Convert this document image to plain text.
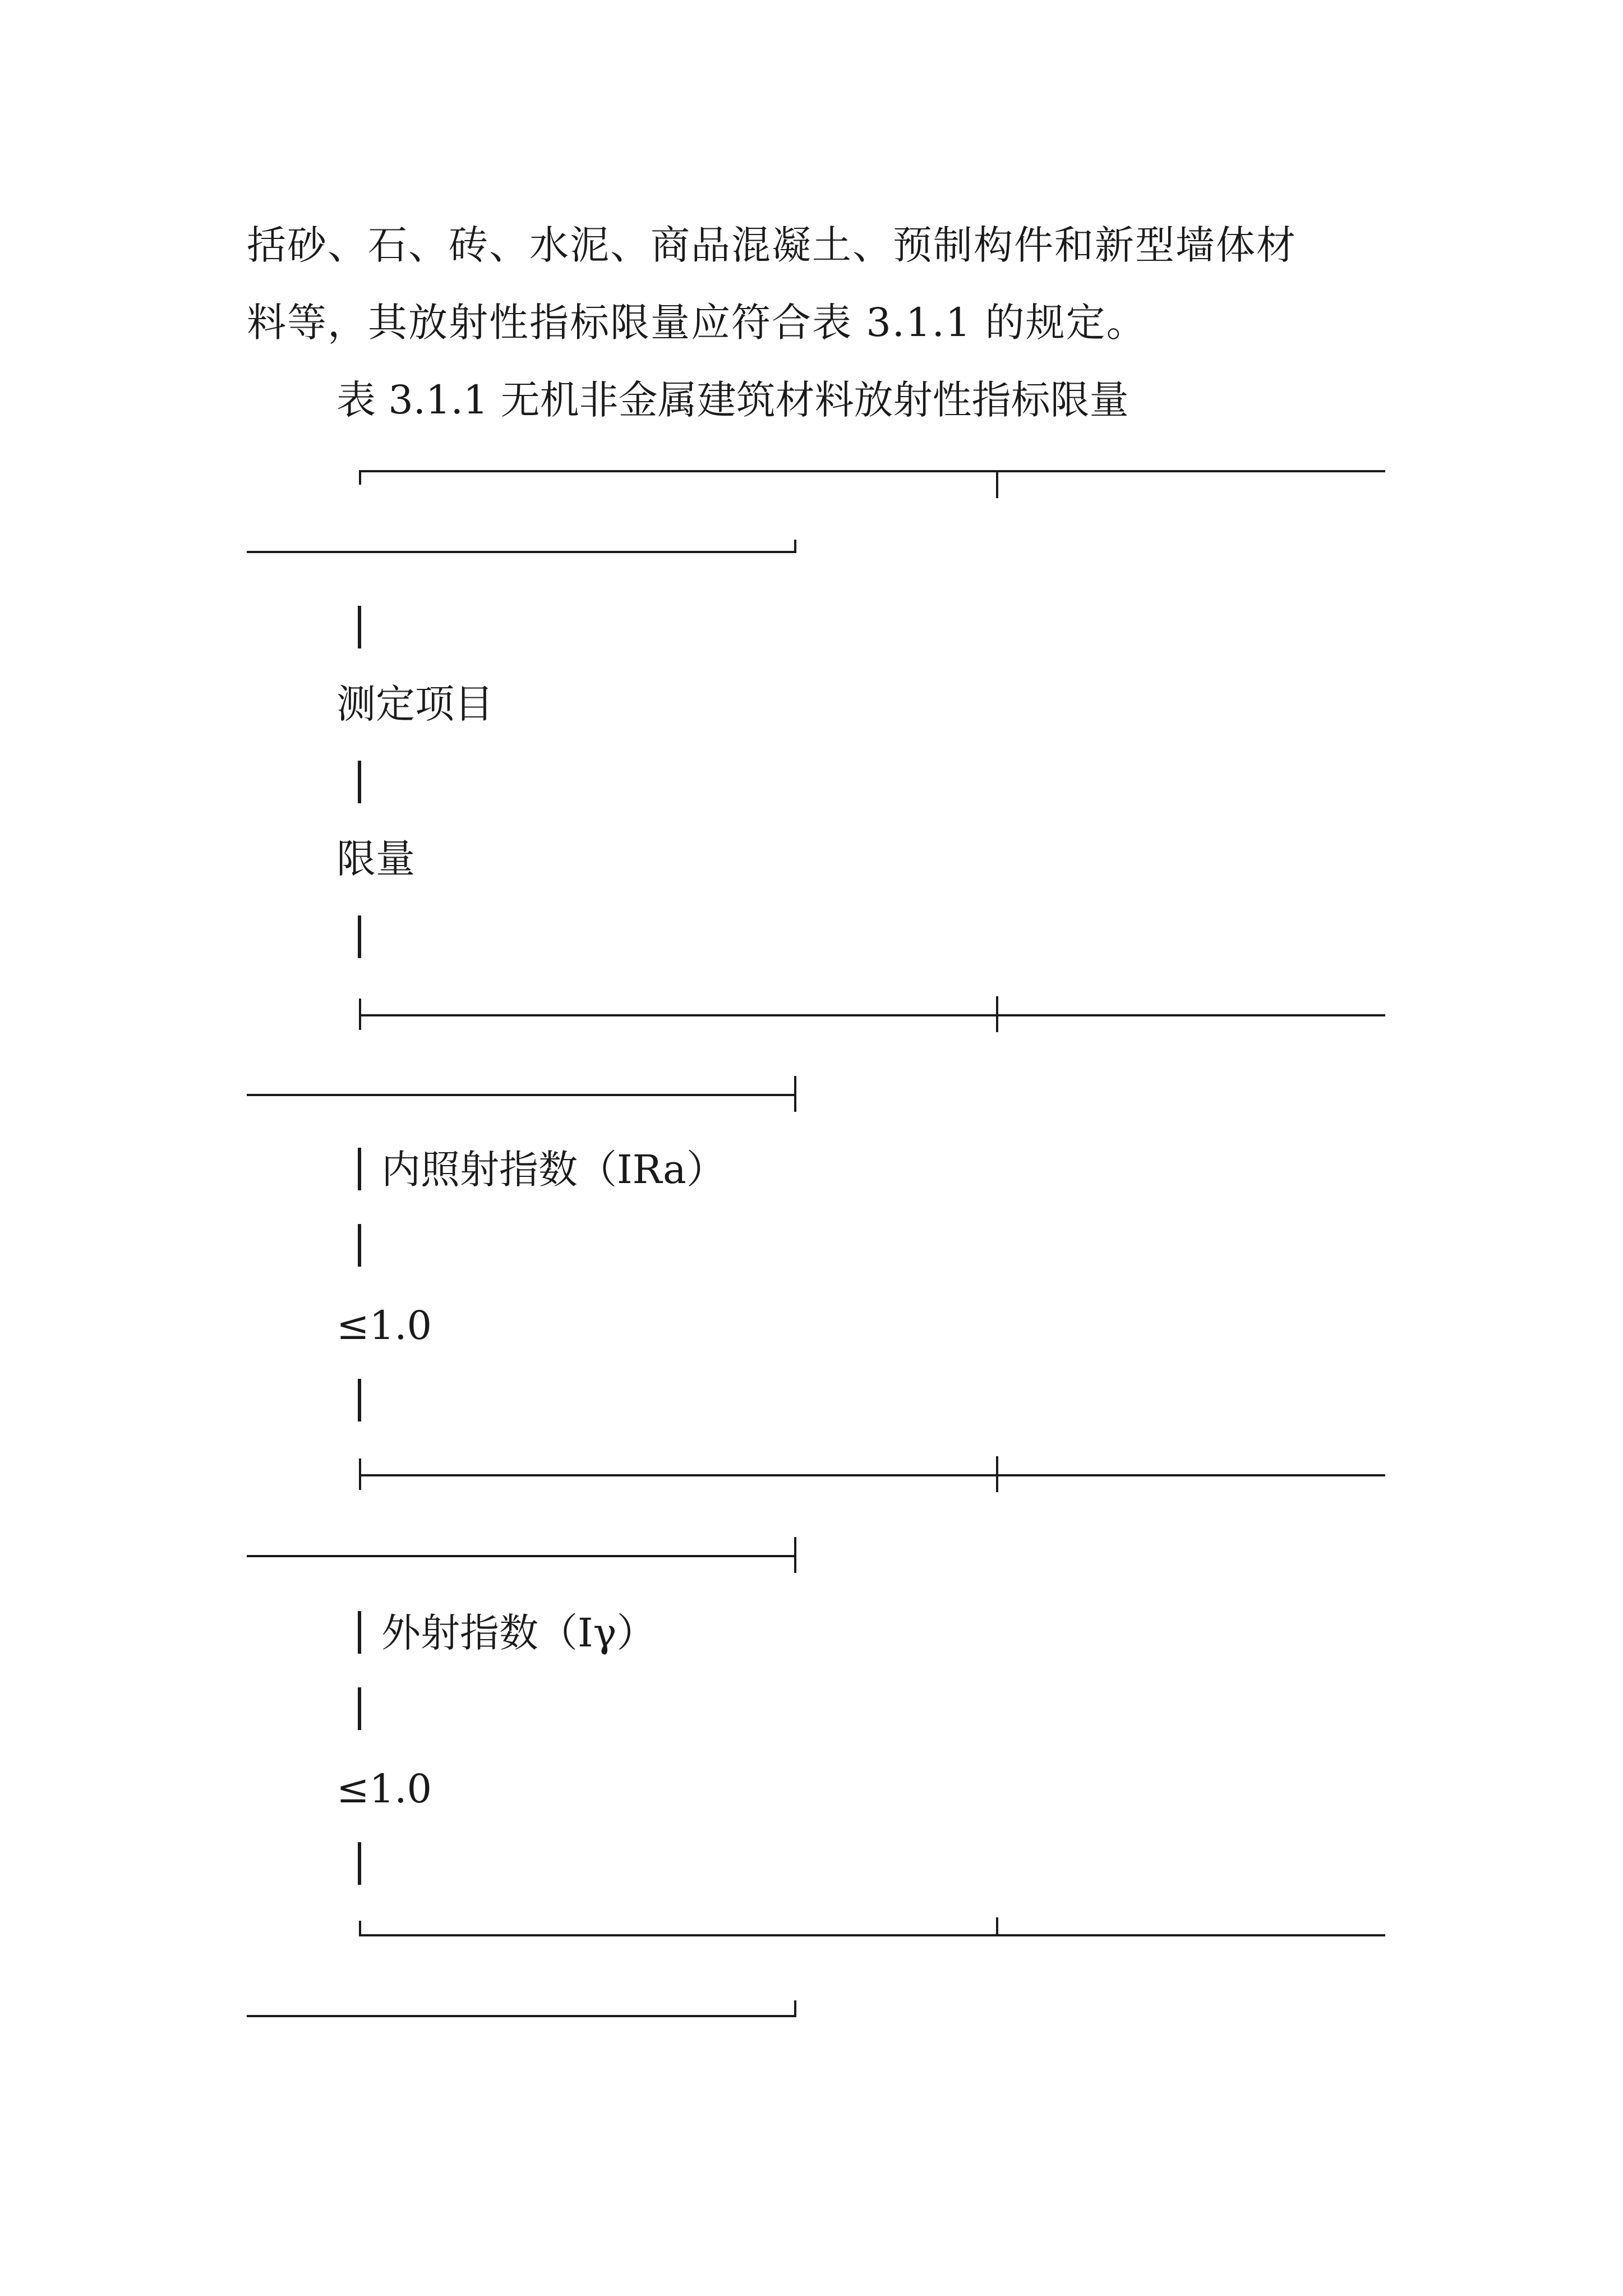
括砂、石、砖、水泥、商品混凝土、预制构件和新型墙体材
料等，其放射性指标限量应符合表 3.1.1 的规定。
表 3.1.1 无机非金属建筑材料放射性指标限量
测定项目
限量
内照射指数（IRa）
≤1.0
外射指数（Ⅰγ）
≤1.0
